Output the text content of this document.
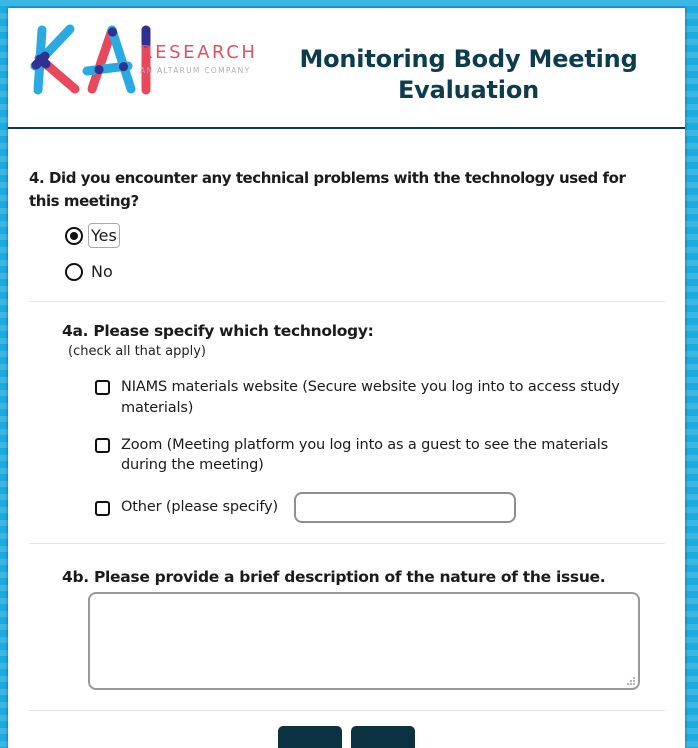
RESEARCH
AN ALTARUM COMPANY	Monitoring Body Meeting Evaluation
4. Did you encounter any technical problems with the technology used for this meeting?
Yes
No
4a. Please specify which technology:
(check all that apply)
NIAMS materials website (Secure website you log into to access study materials)
Zoom (Meeting platform you log into as a guest to see the materials during the meeting)
Other (please specify)
4b. Please provide a brief description of the nature of the issue.
